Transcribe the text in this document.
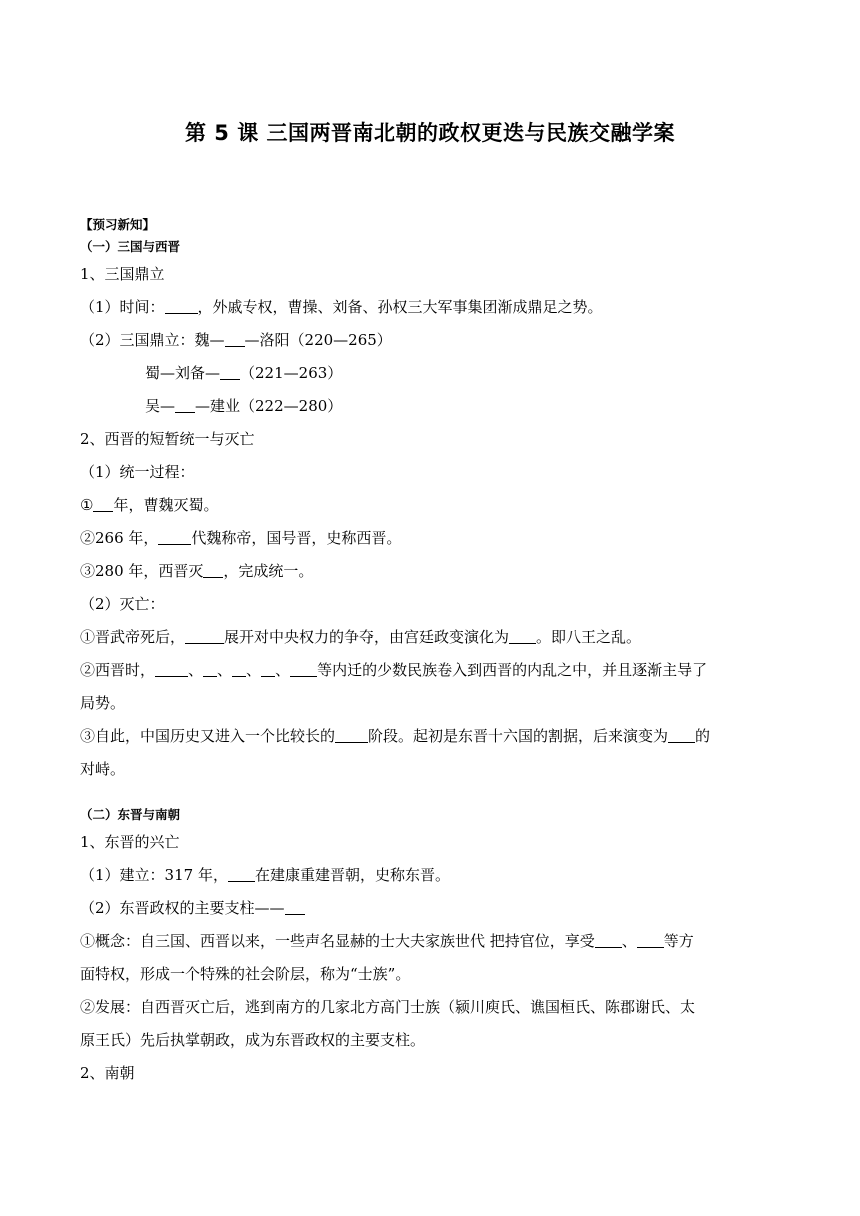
第 5 课 三国两晋南北朝的政权更迭与民族交融学案
【预习新知】
（一）三国与西晋
1、三国鼎立
（1）时间： ，外戚专权，曹操、刘备、孙权三大军事集团渐成鼎足之势。
（2）三国鼎立：魏— —洛阳（220—265）
蜀—刘备— （221—263）
吴— —建业（222—280）
2、西晋的短暂统一与灭亡
（1）统一过程：
① 年，曹魏灭蜀。
②266 年， 代魏称帝，国号晋，史称西晋。
③280 年，西晋灭 ，完成统一。
（2）灭亡：
①晋武帝死后，	展开对中央权力的争夺，由宫廷政变演化为 。即八王之乱。
②西晋时， 、 、 、 、 等内迁的少数民族卷入到西晋的内乱之中，并且逐渐主导了
局势。
③自此，中国历史又进入一个比较长的 阶段。起初是东晋十六国的割据，后来演变为 的
对峙。
（二）东晋与南朝
1、东晋的兴亡
（1）建立：317 年， 在建康重建晋朝，史称东晋。
（2）东晋政权的主要支柱——
①概念：自三国、西晋以来，一些声名显赫的士大夫家族世代 把持官位，享受 、 等方
面特权，形成一个特殊的社会阶层，称为“士族”。
②发展：自西晋灭亡后，逃到南方的几家北方高门士族（颍川庾氏、谯国桓氏、陈郡谢氏、太
原王氏）先后执掌朝政，成为东晋政权的主要支柱。
2、南朝
